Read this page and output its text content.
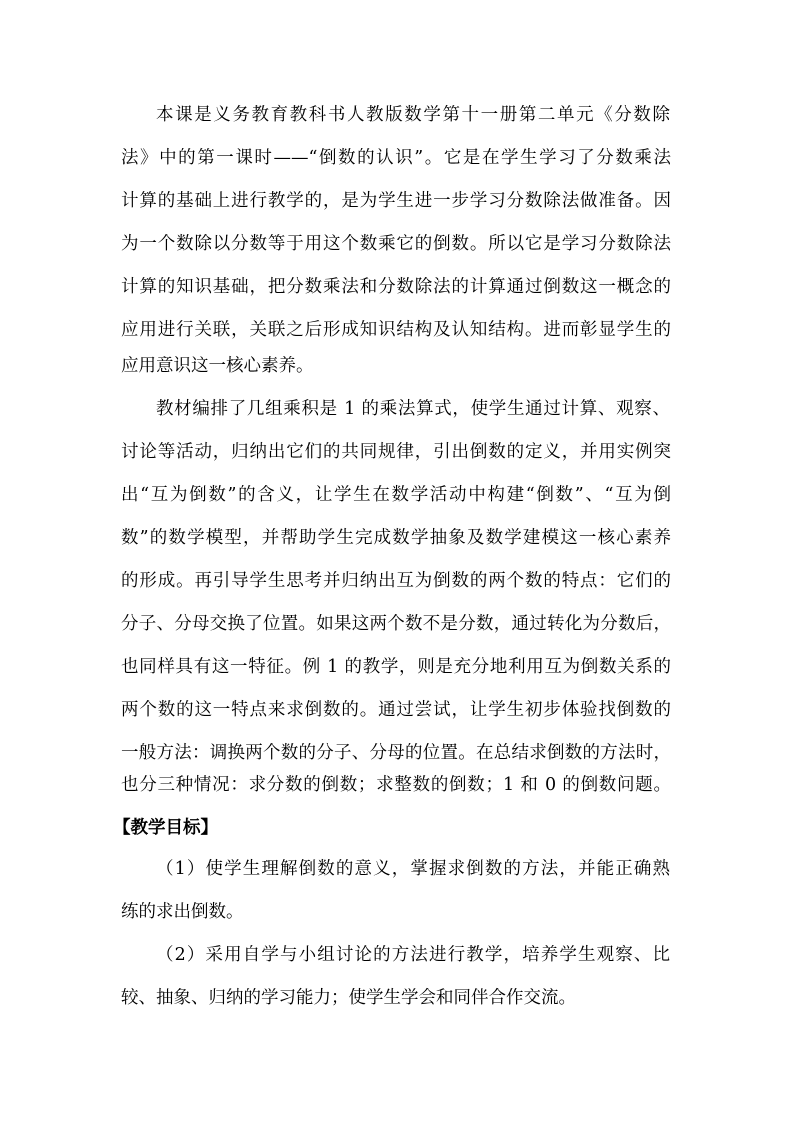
本课是义务教育教科书人教版数学第十一册第二单元《分数除
法》中的第一课时——“倒数的认识”。它是在学生学习了分数乘法
计算的基础上进行教学的，是为学生进一步学习分数除法做准备。因
为一个数除以分数等于用这个数乘它的倒数。所以它是学习分数除法
计算的知识基础，把分数乘法和分数除法的计算通过倒数这一概念的
应用进行关联，关联之后形成知识结构及认知结构。进而彰显学生的
应用意识这一核心素养。
教材编排了几组乘积是 1 的乘法算式，使学生通过计算、观察、
讨论等活动，归纳出它们的共同规律，引出倒数的定义，并用实例突
出“互为倒数”的含义，让学生在数学活动中构建“倒数”、“互为倒
数”的数学模型，并帮助学生完成数学抽象及数学建模这一核心素养
的形成。再引导学生思考并归纳出互为倒数的两个数的特点：它们的
分子、分母交换了位置。如果这两个数不是分数，通过转化为分数后，
也同样具有这一特征。例 1 的教学，则是充分地利用互为倒数关系的
两个数的这一特点来求倒数的。通过尝试，让学生初步体验找倒数的
一般方法：调换两个数的分子、分母的位置。在总结求倒数的方法时，
也分三种情况：求分数的倒数；求整数的倒数；1 和 0 的倒数问题。
【教学目标】
（1）使学生理解倒数的意义，掌握求倒数的方法，并能正确熟
练的求出倒数。
（2）采用自学与小组讨论的方法进行教学，培养学生观察、比
较、抽象、归纳的学习能力；使学生学会和同伴合作交流。
